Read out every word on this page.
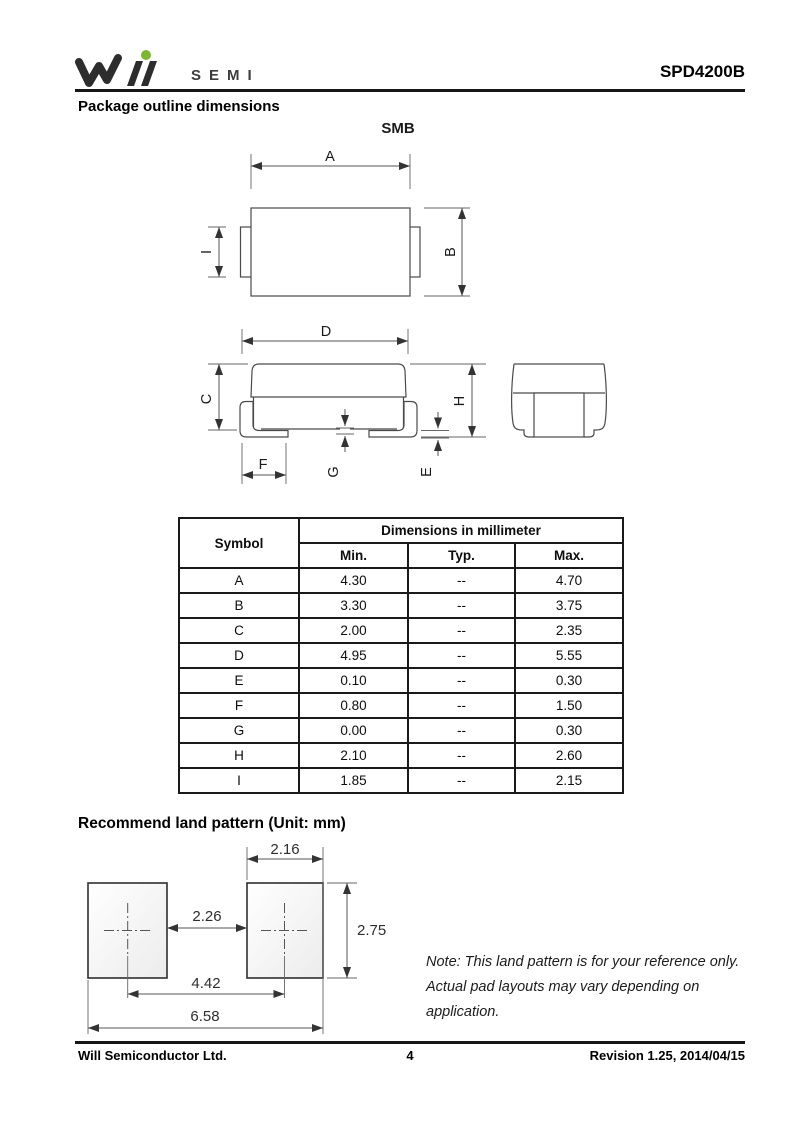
SEMI	SPD4200B
Package outline dimensions
SMB
A
B
I
D
C	H
F	G	E
Symbol	Dimensions in millimeter		
	Min.	Typ.	Max.
A	4.30	--	4.70
B	3.30	--	3.75
C	2.00	--	2.35
D	4.95	--	5.55
E	0.10	--	0.30
F	0.80	--	1.50
G	0.00	--	0.30
H	2.10	--	2.60
I	1.85	--	2.15
Recommend land pattern (Unit: mm)
2.16
2.26
2.75
4.42
6.58
Note: This land pattern is for your reference only.
Actual pad layouts may vary depending on application.
Will Semiconductor Ltd.	4	Revision 1.25, 2014/04/15
